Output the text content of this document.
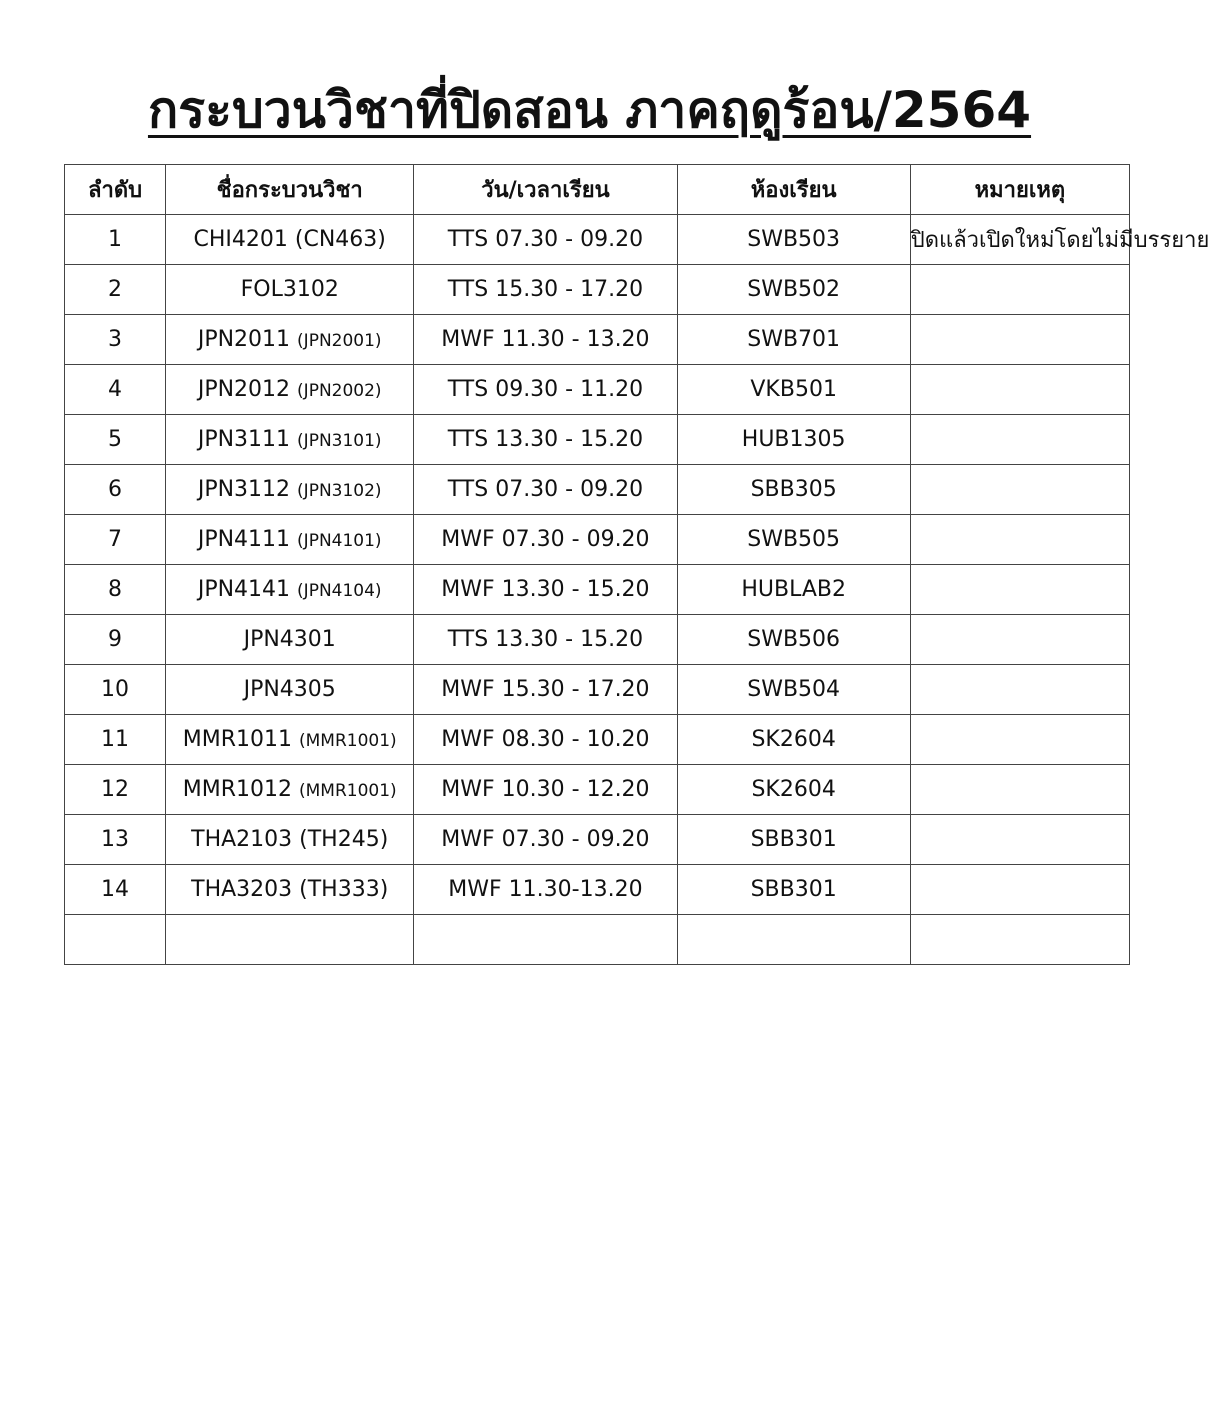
กระบวนวิชาที่ปิดสอน ภาคฤดูร้อน/2564
ลำดับ	ชื่อกระบวนวิชา	วัน/เวลาเรียน	ห้องเรียน	หมายเหตุ
1	CHI4201 (CN463)	TTS 07.30 - 09.20	SWB503	ปิดแล้วเปิดใหม่โดยไม่มีบรรยาย
2	FOL3102	TTS 15.30 - 17.20	SWB502	
3	JPN2011 (JPN2001)	MWF 11.30 - 13.20	SWB701	
4	JPN2012 (JPN2002)	TTS 09.30 - 11.20	VKB501	
5	JPN3111 (JPN3101)	TTS 13.30 - 15.20	HUB1305	
6	JPN3112 (JPN3102)	TTS 07.30 - 09.20	SBB305	
7	JPN4111 (JPN4101)	MWF 07.30 - 09.20	SWB505	
8	JPN4141 (JPN4104)	MWF 13.30 - 15.20	HUBLAB2	
9	JPN4301	TTS 13.30 - 15.20	SWB506	
10	JPN4305	MWF 15.30 - 17.20	SWB504	
11	MMR1011 (MMR1001)	MWF 08.30 - 10.20	SK2604	
12	MMR1012 (MMR1001)	MWF 10.30 - 12.20	SK2604	
13	THA2103 (TH245)	MWF 07.30 - 09.20	SBB301	
14	THA3203 (TH333)	MWF 11.30-13.20	SBB301	
